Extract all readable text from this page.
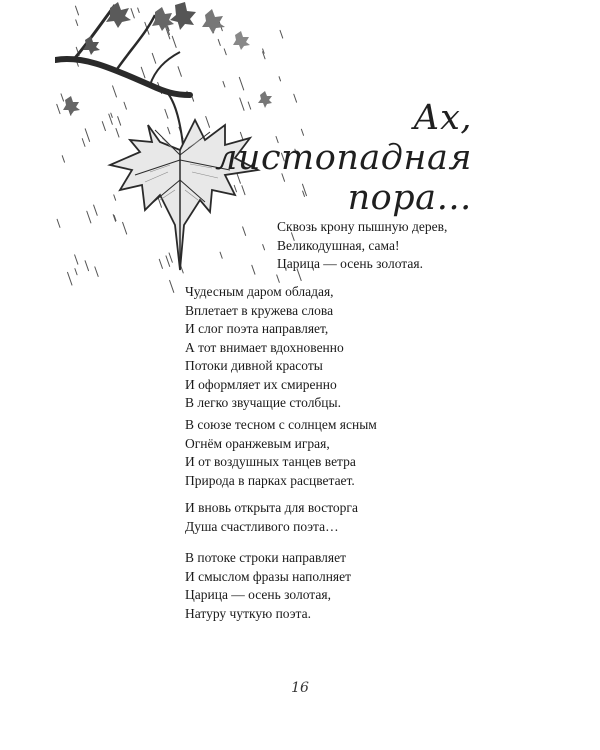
Ах,
листопадная
пора…
Сквозь крону пышную дерев,
Великодушная, сама!
Царица — осень золотая.
Чудесным даром обладая,
Вплетает в кружева слова
И слог поэта направляет,
А тот внимает вдохновенно
Потоки дивной красоты
И оформляет их смиренно
В легко звучащие столбцы.
В союзе тесном с солнцем ясным
Огнём оранжевым играя,
И от воздушных танцев ветра
Природа в парках расцветает.
И вновь открыта для восторга
Душа счастливого поэта…
В потоке строки направляет
И смыслом фразы наполняет
Царица — осень золотая,
Натуру чуткую поэта.
16
